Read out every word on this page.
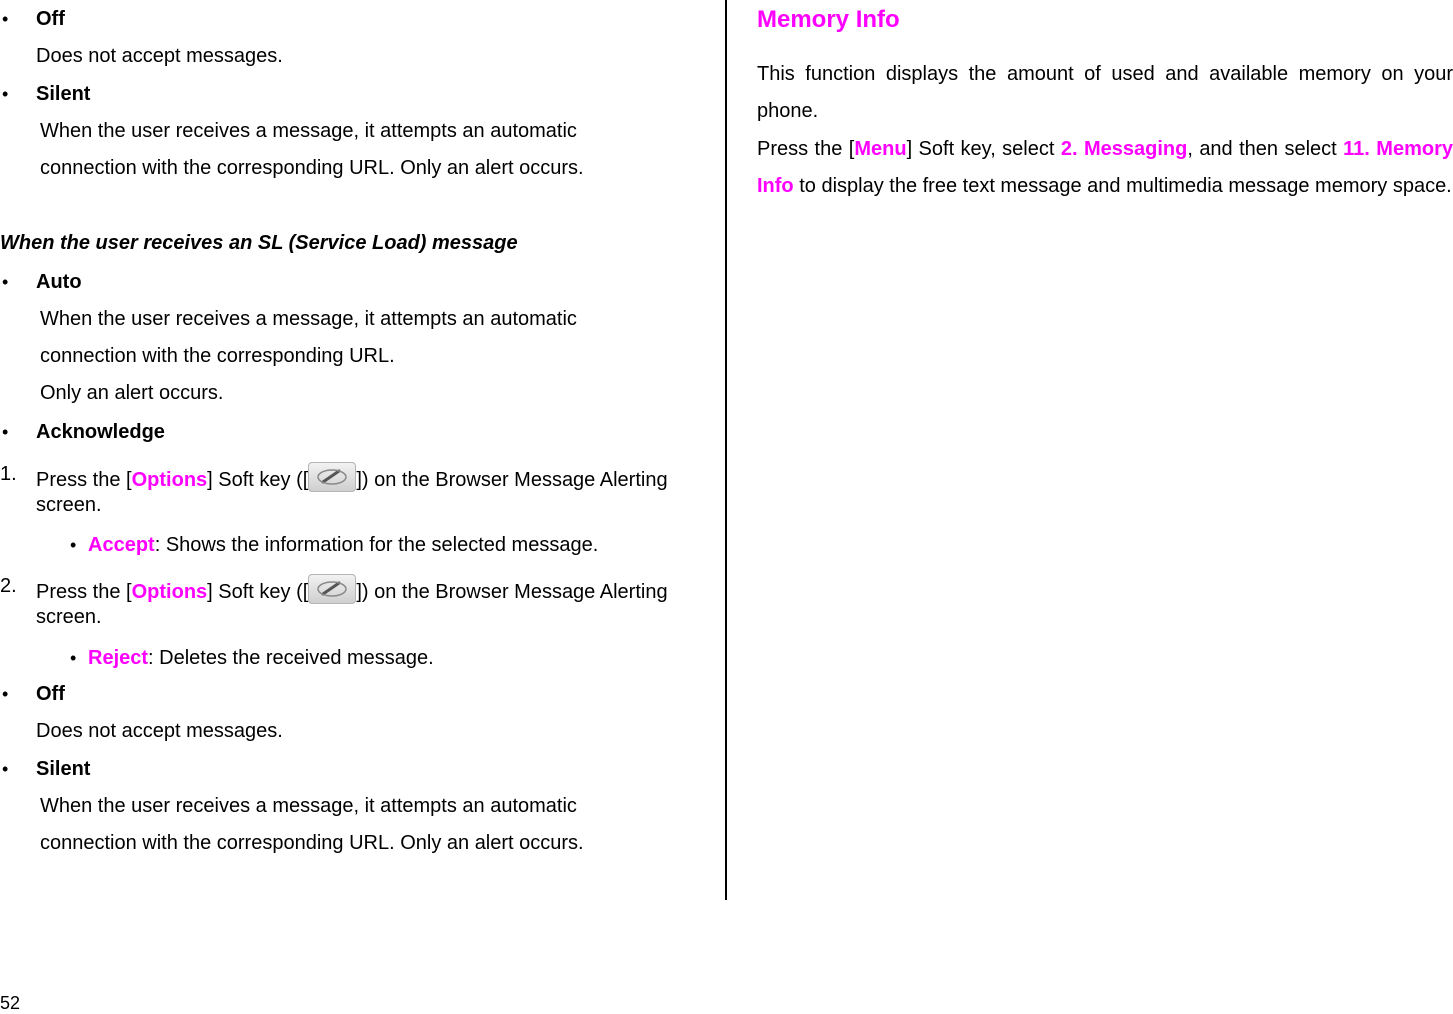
• Off
Does not accept messages.
• Silent
When the user receives a message, it attempts an automatic
connection with the corresponding URL. Only an alert occurs.
When the user receives an SL (Service Load) message
• Auto
When the user receives a message, it attempts an automatic
connection with the corresponding URL.
Only an alert occurs.
• Acknowledge
1. Press the [Options] Soft key ([ ]) on the Browser Message Alerting
screen.
• Accept: Shows the information for the selected message.
2. Press the [Options] Soft key ([ ]) on the Browser Message Alerting
screen.
• Reject: Deletes the received message.
• Off
Does not accept messages.
• Silent
When the user receives a message, it attempts an automatic
connection with the corresponding URL. Only an alert occurs.
Memory Info
This function displays the amount of used and available memory on your phone.
Press the [Menu] Soft key, select 2. Messaging, and then select 11. Memory Info to display the free text message and multimedia message memory space.
52
